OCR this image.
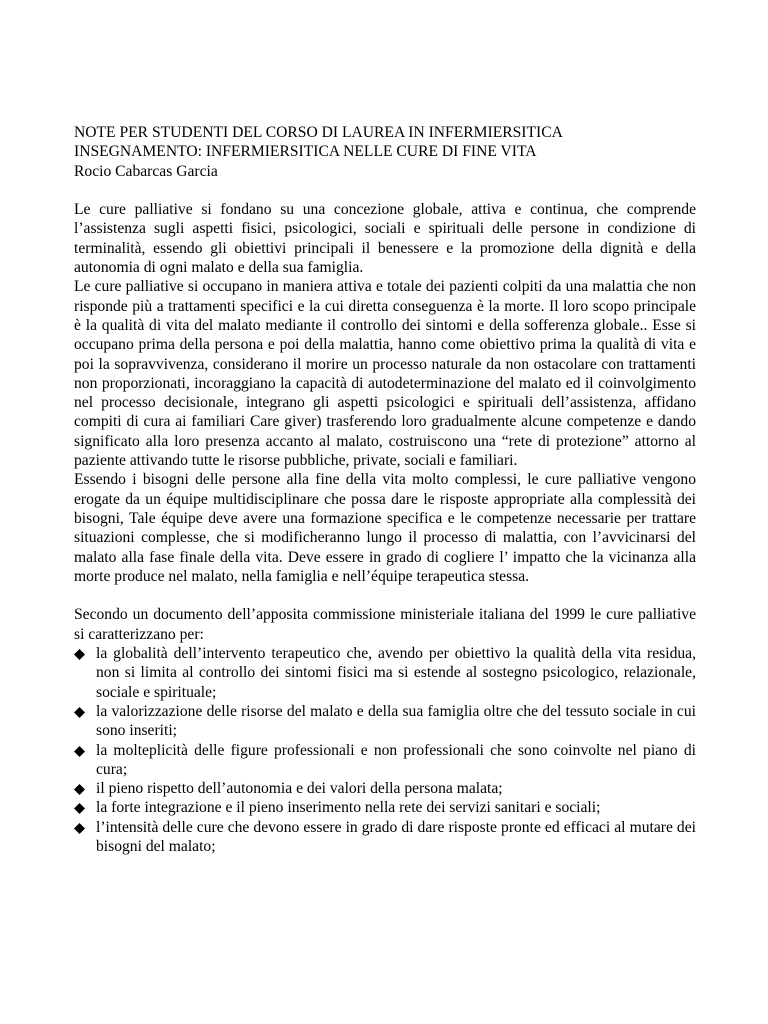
NOTE PER STUDENTI DEL CORSO DI LAUREA IN INFERMIERSITICA
INSEGNAMENTO: INFERMIERSITICA NELLE CURE DI FINE VITA
Rocio Cabarcas Garcia

Le cure palliative si fondano su una concezione globale, attiva e continua, che comprende l’assistenza sugli aspetti fisici, psicologici, sociali e spirituali delle persone in condizione di terminalità, essendo gli obiettivi principali il benessere e la promozione della dignità e della autonomia di ogni malato e della sua famiglia.

Le cure palliative si occupano in maniera attiva e totale dei pazienti colpiti da una malattia che non risponde più a trattamenti specifici e la cui diretta conseguenza è la morte. Il loro scopo principale è la qualità di vita del malato mediante il controllo dei sintomi e della sofferenza globale.. Esse si occupano prima della persona e poi della malattia, hanno come obiettivo prima la qualità di vita e poi la sopravvivenza, considerano il morire un processo naturale da non ostacolare con trattamenti non proporzionati, incoraggiano la capacità di autodeterminazione del malato ed il coinvolgimento nel processo decisionale, integrano gli aspetti psicologici e spirituali dell’assistenza, affidano compiti di cura ai familiari Care giver) trasferendo loro gradualmente alcune competenze e dando significato alla loro presenza accanto al malato, costruiscono una “rete di protezione” attorno al paziente attivando tutte le risorse pubbliche, private, sociali e familiari.

Essendo i bisogni delle persone alla fine della vita molto complessi, le cure palliative vengono erogate da un équipe multidisciplinare che possa dare le risposte appropriate alla complessità dei bisogni, Tale équipe deve avere una formazione specifica e le competenze necessarie per trattare situazioni complesse, che si modificheranno lungo il processo di malattia, con l’avvicinarsi del malato alla fase finale della vita. Deve essere in grado di cogliere l’ impatto che la vicinanza alla morte produce nel malato, nella famiglia e nell’équipe terapeutica stessa.

Secondo un documento dell’apposita commissione ministeriale italiana del 1999 le cure palliative si caratterizzano per:

la globalità dell’intervento terapeutico che, avendo per obiettivo la qualità della vita residua, non si limita al controllo dei sintomi fisici ma si estende al sostegno psicologico, relazionale, sociale e spirituale;
la valorizzazione delle risorse del malato e della sua famiglia oltre che del tessuto sociale in cui sono inseriti;
la molteplicità delle figure professionali e non professionali che sono coinvolte nel piano di cura;
il pieno rispetto dell’autonomia e dei valori della persona malata;
la forte integrazione e il pieno inserimento nella rete dei servizi sanitari e sociali;
l’intensità delle cure che devono essere in grado di dare risposte pronte ed efficaci al mutare dei bisogni del malato;
